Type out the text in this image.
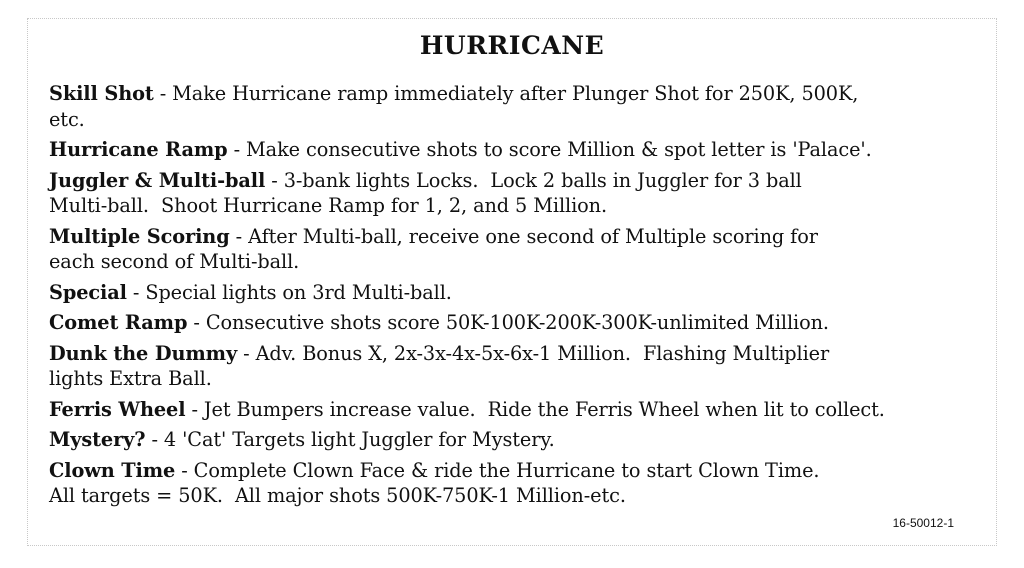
HURRICANE
Skill Shot - Make Hurricane ramp immediately after Plunger Shot for 250K, 500K,
etc.
Hurricane Ramp - Make consecutive shots to score Million & spot letter is 'Palace'.
Juggler & Multi-ball - 3-bank lights Locks.  Lock 2 balls in Juggler for 3 ball
Multi-ball.  Shoot Hurricane Ramp for 1, 2, and 5 Million.
Multiple Scoring - After Multi-ball, receive one second of Multiple scoring for
each second of Multi-ball.
Special - Special lights on 3rd Multi-ball.
Comet Ramp - Consecutive shots score 50K-100K-200K-300K-unlimited Million.
Dunk the Dummy - Adv. Bonus X, 2x-3x-4x-5x-6x-1 Million.  Flashing Multiplier
lights Extra Ball.
Ferris Wheel - Jet Bumpers increase value.  Ride the Ferris Wheel when lit to collect.
Mystery? - 4 'Cat' Targets light Juggler for Mystery.
Clown Time - Complete Clown Face & ride the Hurricane to start Clown Time.
All targets = 50K.  All major shots 500K-750K-1 Million-etc.
16-50012-1
